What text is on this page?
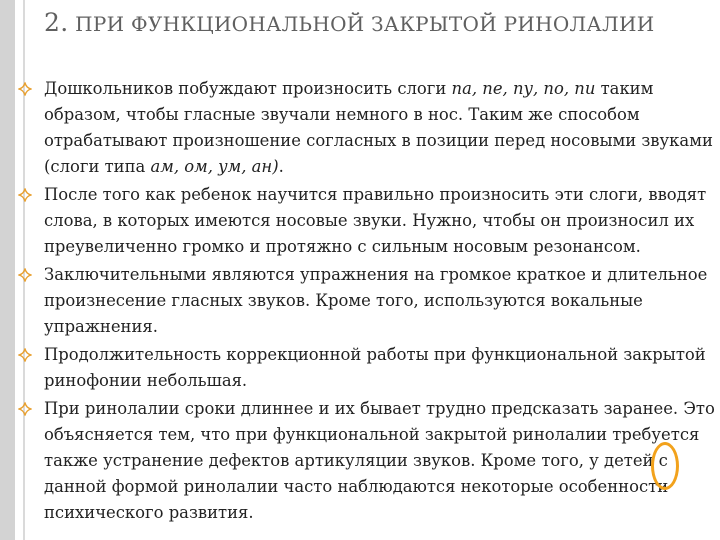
2. ПРИ ФУНКЦИОНАЛЬНОЙ ЗАКРЫТОЙ РИНОЛАЛИИ

Дошкольников побуждают произносить слоги па, пе, пу, по, пи таким образом, чтобы гласные звучали немного в нос. Таким же способом отрабатывают произношение согласных в позиции перед носовыми звуками (слоги типа ам, ом, ум, ан).

После того как ребенок научится правильно произносить эти слоги, вводят слова, в которых имеются носовые звуки. Нужно, чтобы он произносил их преувеличенно громко и протяжно с сильным носовым резонансом.

Заключительными являются упражнения на громкое краткое и длительное произнесение гласных звуков. Кроме того, используются вокальные упражнения.

Продолжительность коррекционной работы при функциональной закрытой ринофонии небольшая.

При ринолалии сроки длиннее и их бывает трудно предсказать заранее. Это объясняется тем, что при функциональной закрытой ринолалии требуется также устранение дефектов артикуляции звуков. Кроме того, у детей с данной формой ринолалии часто наблюдаются некоторые особенности психического развития.
